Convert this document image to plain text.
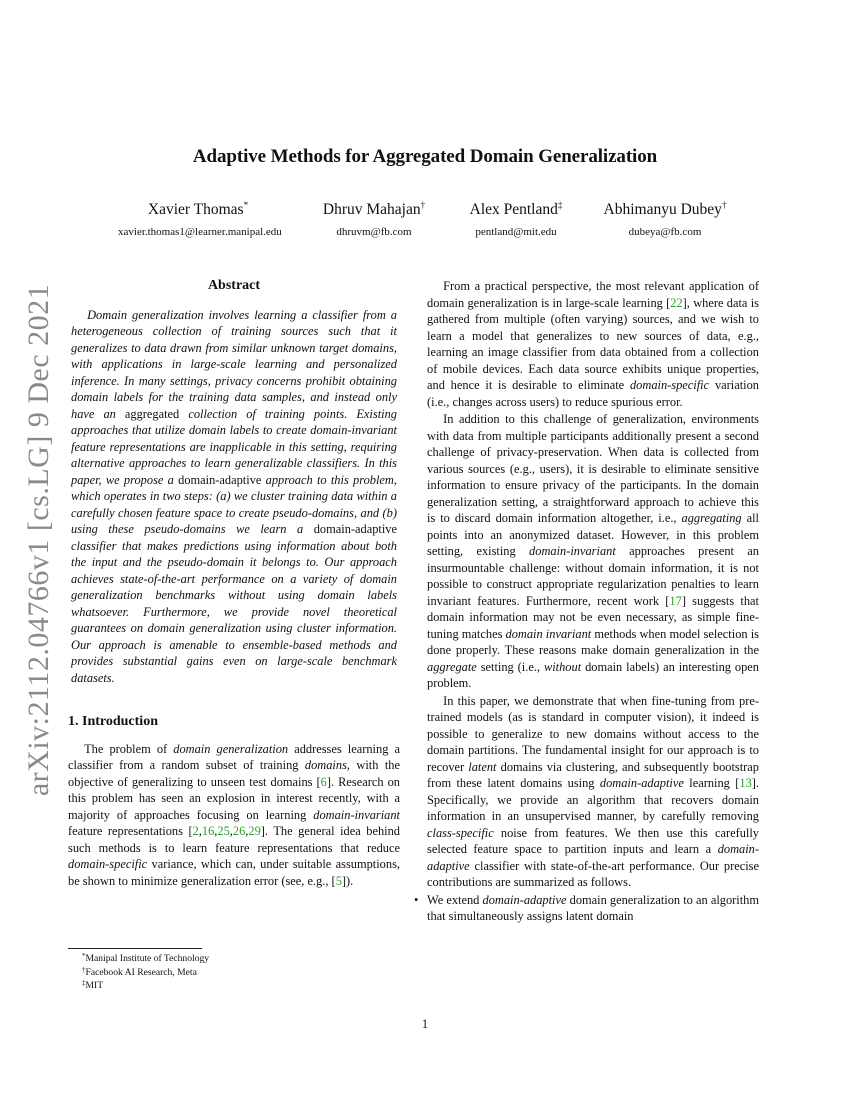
Adaptive Methods for Aggregated Domain Generalization
Xavier Thomas*
xavier.thomas1@learner.manipal.edu
Dhruv Mahajan†
dhruvm@fb.com
Alex Pentland‡
pentland@mit.edu
Abhimanyu Dubey†
dubeya@fb.com
arXiv:2112.04766v1 [cs.LG] 9 Dec 2021	Abstract

Domain generalization involves learning a classifier from a heterogeneous collection of training sources such that it generalizes to data drawn from similar unknown target domains, with applications in large-scale learning and personalized inference. In many settings, privacy concerns prohibit obtaining domain labels for the training data samples, and instead only have an aggregated collection of training points. Existing approaches that utilize domain labels to create domain-invariant feature representations are inapplicable in this setting, requiring alternative approaches to learn generalizable classifiers. In this paper, we propose a domain-adaptive approach to this problem, which operates in two steps: (a) we cluster training data within a carefully chosen feature space to create pseudo-domains, and (b) using these pseudo-domains we learn a domain-adaptive classifier that makes predictions using information about both the input and the pseudo-domain it belongs to. Our approach achieves state-of-the-art performance on a variety of domain generalization benchmarks without using domain labels whatsoever. Furthermore, we provide novel theoretical guarantees on domain generalization using cluster information. Our approach is amenable to ensemble-based methods and provides substantial gains even on large-scale benchmark datasets.

1. Introduction

The problem of domain generalization addresses learning a classifier from a random subset of training domains, with the objective of generalizing to unseen test domains [6]. Research on this problem has seen an explosion in interest recently, with a majority of approaches focusing on learning domain-invariant feature representations [2,16,25,26,29]. The general idea behind such methods is to learn feature representations that reduce domain-specific variance, which can, under suitable assumptions, be shown to minimize generalization error (see, e.g., [5]).

From a practical perspective, the most relevant application of domain generalization is in large-scale learning [22], where data is gathered from multiple (often varying) sources, and we wish to learn a model that generalizes to new sources of data, e.g., learning an image classifier from data obtained from a collection of mobile devices. Each data source exhibits unique properties, and hence it is desirable to eliminate domain-specific variation (i.e., changes across users) to reduce spurious error.

In addition to this challenge of generalization, environments with data from multiple participants additionally present a second challenge of privacy-preservation. When data is collected from various sources (e.g., users), it is desirable to eliminate sensitive information to ensure privacy of the participants. In the domain generalization setting, a straightforward approach to achieve this is to discard domain information altogether, i.e., aggregating all points into an anonymized dataset. However, in this problem setting, existing domain-invariant approaches present an insurmountable challenge: without domain information, it is not possible to construct appropriate regularization penalties to learn invariant features. Furthermore, recent work [17] suggests that domain information may not be even necessary, as simple fine-tuning matches domain invariant methods when model selection is done properly. These reasons make domain generalization in the aggregate setting (i.e., without domain labels) an interesting open problem.

In this paper, we demonstrate that when fine-tuning from pre-trained models (as is standard in computer vision), it indeed is possible to generalize to new domains without access to the domain partitions. The fundamental insight for our approach is to recover latent domains via clustering, and subsequently bootstrap from these latent domains using domain-adaptive learning [13]. Specifically, we provide an algorithm that recovers domain information in an unsupervised manner, by carefully removing class-specific noise from features. We then use this carefully selected feature space to partition inputs and learn a domain-adaptive classifier with state-of-the-art performance. Our precise contributions are summarized as follows.

• We extend domain-adaptive domain generalization to an algorithm that simultaneously assigns latent domain

*Manipal Institute of Technology
†Facebook AI Research, Meta
‡MIT
1
